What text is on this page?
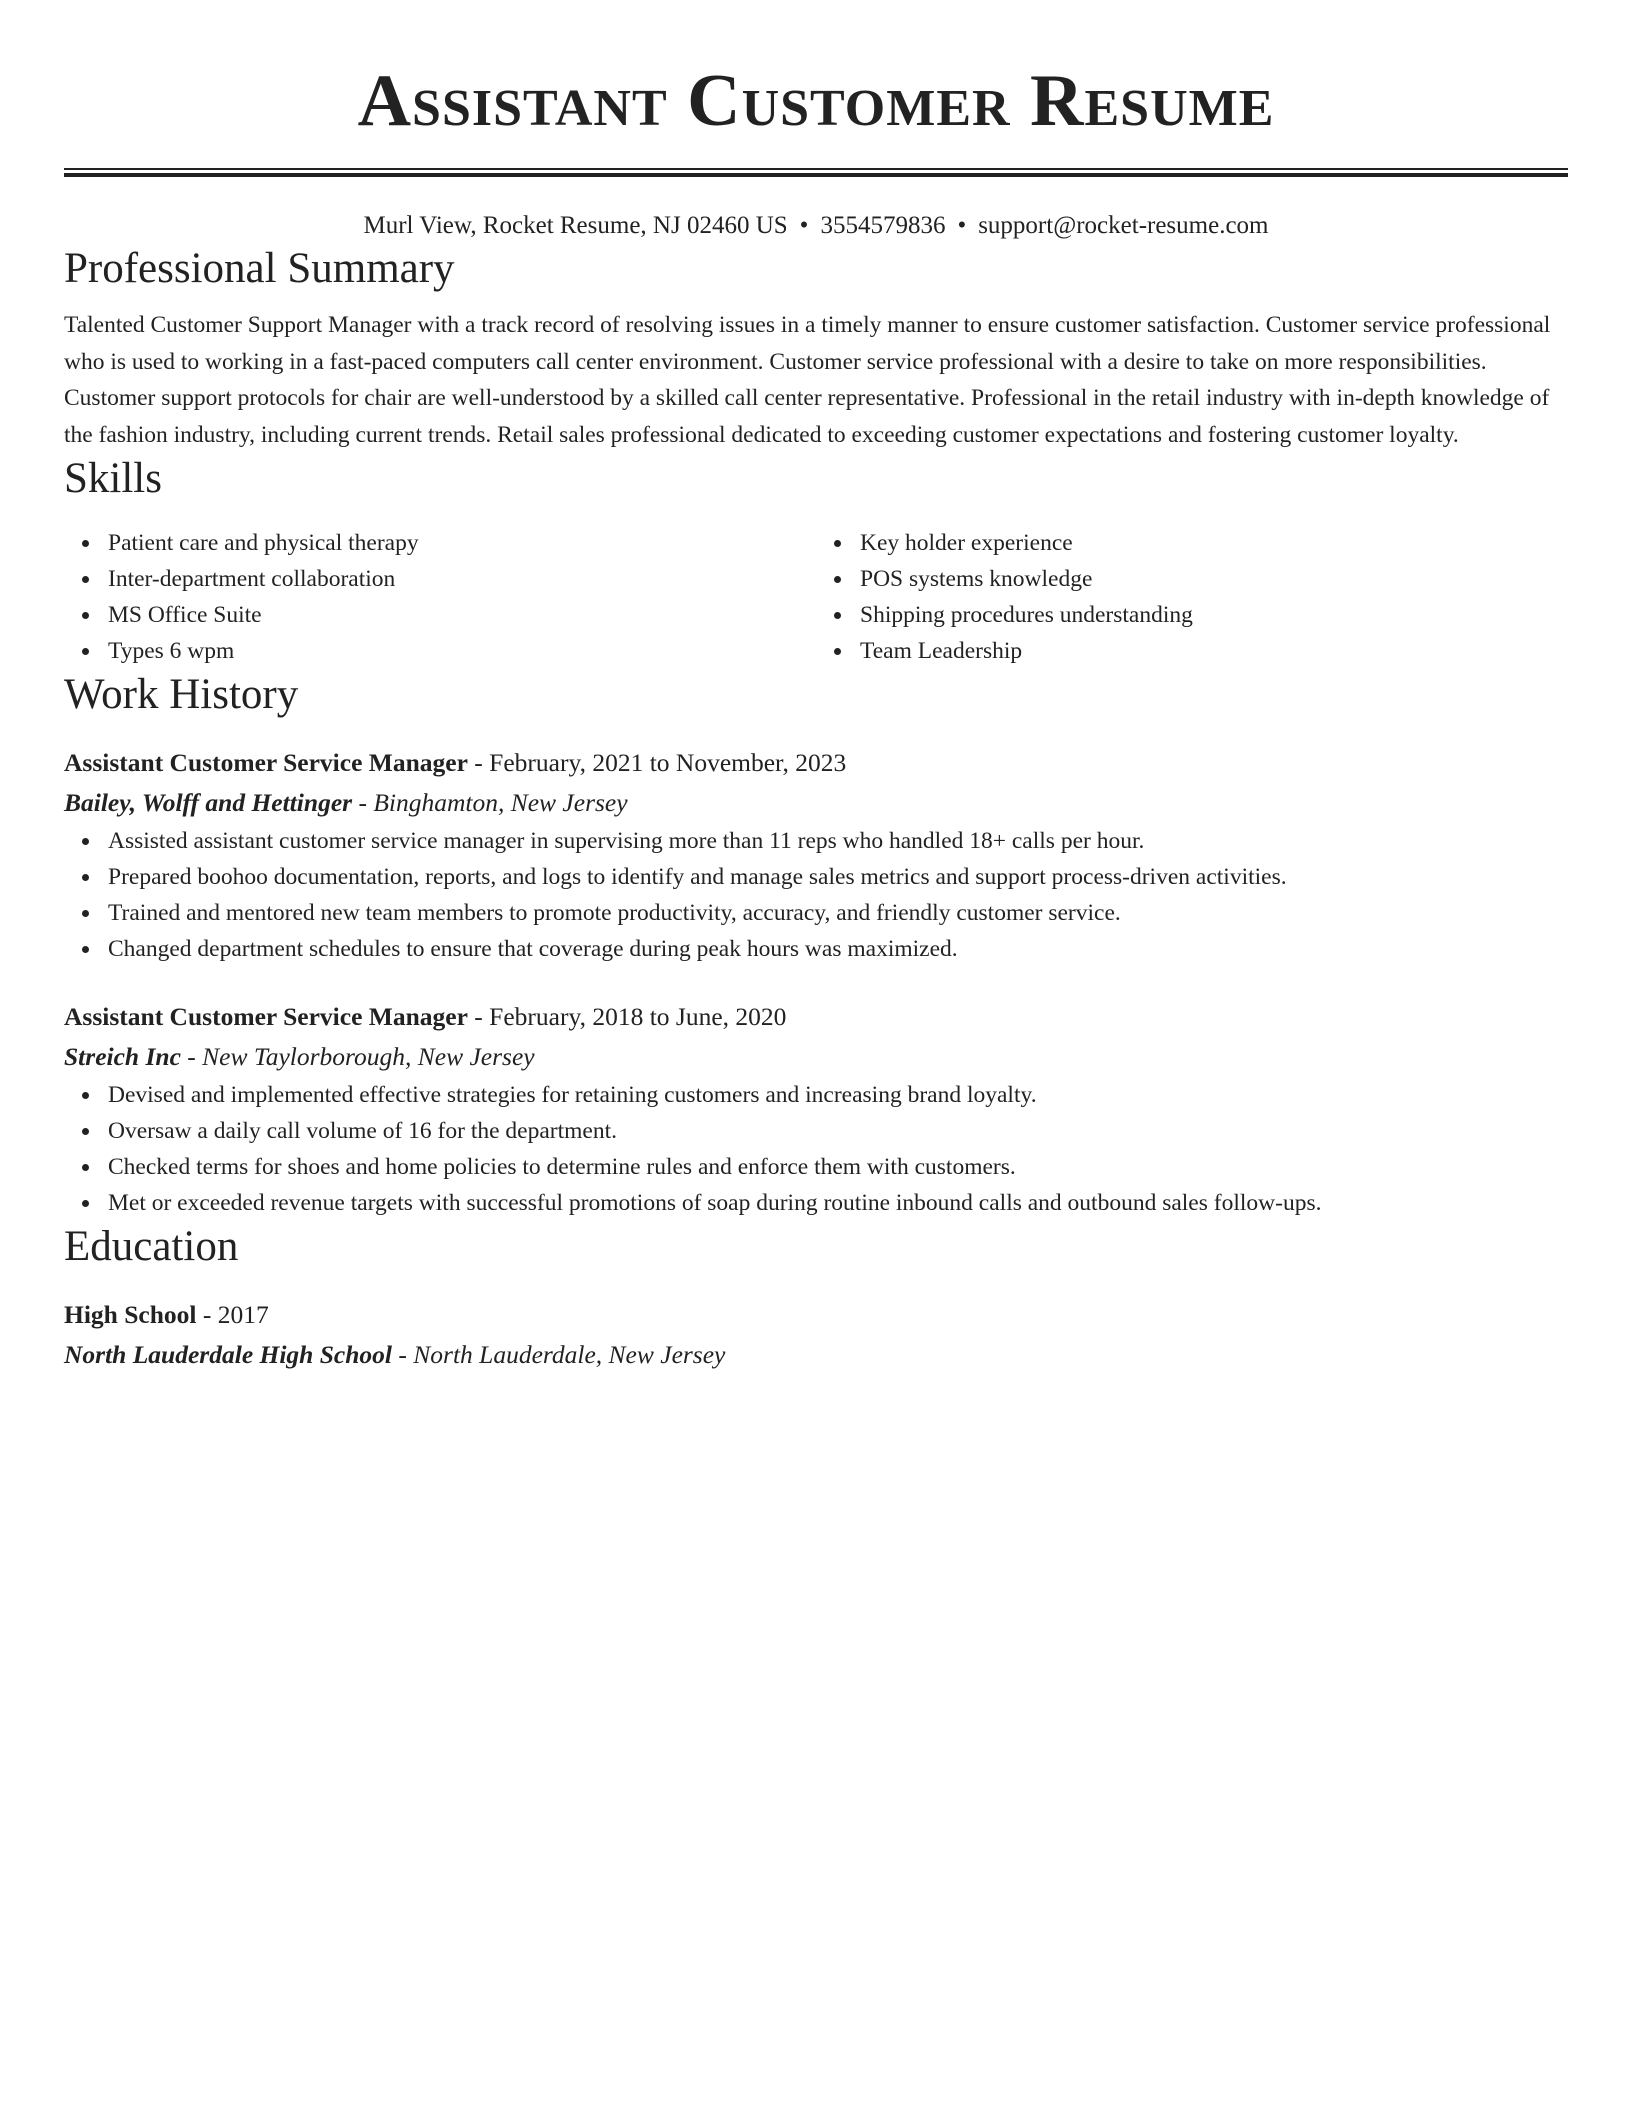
Assistant Customer Resume
Murl View, Rocket Resume, NJ 02460 US • 3554579836 • support@rocket-resume.com
Professional Summary
Talented Customer Support Manager with a track record of resolving issues in a timely manner to ensure customer satisfaction. Customer service professional who is used to working in a fast-paced computers call center environment. Customer service professional with a desire to take on more responsibilities. Customer support protocols for chair are well-understood by a skilled call center representative. Professional in the retail industry with in-depth knowledge of the fashion industry, including current trends. Retail sales professional dedicated to exceeding customer expectations and fostering customer loyalty.
Skills
Patient care and physical therapy
Inter-department collaboration
MS Office Suite
Types 6 wpm
Key holder experience
POS systems knowledge
Shipping procedures understanding
Team Leadership
Work History
Assistant Customer Service Manager - February, 2021 to November, 2023
Bailey, Wolff and Hettinger - Binghamton, New Jersey
Assisted assistant customer service manager in supervising more than 11 reps who handled 18+ calls per hour.
Prepared boohoo documentation, reports, and logs to identify and manage sales metrics and support process-driven activities.
Trained and mentored new team members to promote productivity, accuracy, and friendly customer service.
Changed department schedules to ensure that coverage during peak hours was maximized.
Assistant Customer Service Manager - February, 2018 to June, 2020
Streich Inc - New Taylorborough, New Jersey
Devised and implemented effective strategies for retaining customers and increasing brand loyalty.
Oversaw a daily call volume of 16 for the department.
Checked terms for shoes and home policies to determine rules and enforce them with customers.
Met or exceeded revenue targets with successful promotions of soap during routine inbound calls and outbound sales follow-ups.
Education
High School - 2017
North Lauderdale High School - North Lauderdale, New Jersey
